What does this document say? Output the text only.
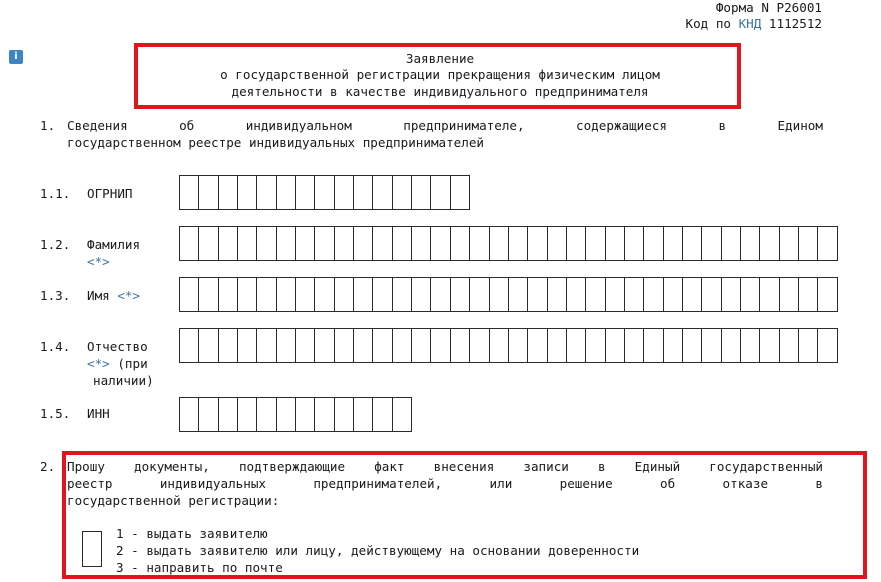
Форма N Р26001
Код по КНД 1112512
i	Заявление
о государственной регистрации прекращения физическим лицом
деятельности в качестве индивидуального предпринимателя
1. Сведения	об	индивидуальном	предпринимателе,	содержащиеся	в	Едином
государственном реестре индивидуальных предпринимателей
1.1. ОГРНИП
1.2. Фамилия
<*>
1.3. Имя <*>
1.4. Отчество
<*> (при
наличии)
1.5. ИНН
2. Прошу документы, подтверждающие факт внесения записи в Единый государственный
реестр	индивидуальных	предпринимателей,	или	решение	об	отказе	в
государственной регистрации:
1 - выдать заявителю
2 - выдать заявителю или лицу, действующему на основании доверенности
3 - направить по почте
